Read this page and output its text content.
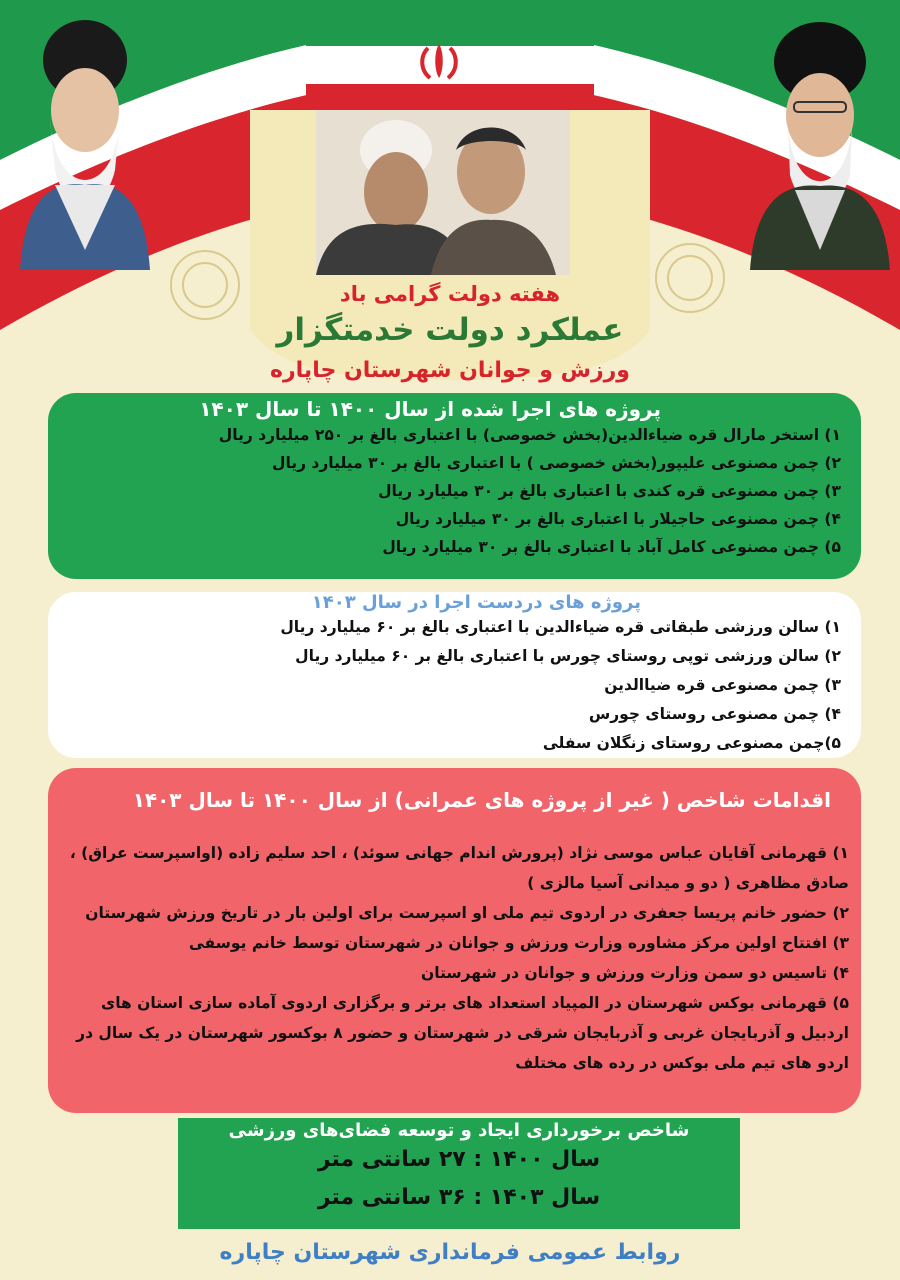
هفته دولت گرامی باد
عملکرد دولت خدمتگزار
ورزش و جوانان شهرستان چاپاره
پروژه های اجرا شده از سال ۱۴۰۰ تا سال ۱۴۰۳
۱) استخر مارال قره ضیاءالدین(بخش خصوصی) با اعتباری بالغ بر ۲۵۰ میلیارد ریال
۲) چمن مصنوعی علیپور(بخش خصوصی ) با اعتباری بالغ بر ۳۰ میلیارد ریال
۳) چمن مصنوعی قره کندی با اعتباری بالغ بر ۳۰ میلیارد ریال
۴) چمن مصنوعی حاجیلار با اعتباری بالغ بر ۳۰ میلیارد ریال
۵) چمن مصنوعی کامل آباد با اعتباری بالغ بر ۳۰ میلیارد ریال
پروژه های دردست اجرا در سال ۱۴۰۳
۱) سالن ورزشی طبقاتی قره ضیاءالدین با اعتباری بالغ بر ۶۰ میلیارد ریال
۲) سالن ورزشی توپی روستای چورس با اعتباری بالغ بر ۶۰ میلیارد ریال
۳) چمن مصنوعی قره ضیاالدین
۴) چمن مصنوعی روستای چورس
۵)چمن مصنوعی روستای زنگلان سفلی
اقدامات شاخص ( غیر از پروژه های عمرانی) از سال ۱۴۰۰ تا سال ۱۴۰۳
۱) قهرمانی آقایان عباس موسی نژاد (پرورش اندام جهانی سوئد) ، احد سلیم زاده (اواسپرست عراق) ، صادق مظاهری ( دو و میدانی آسیا مالزی )
۲) حضور خانم پریسا جعفری در اردوی تیم ملی او اسپرست برای اولین بار در تاریخ ورزش شهرستان
۳) افتتاح اولین مرکز مشاوره وزارت ورزش و جوانان در شهرستان توسط خانم یوسفی
۴) تاسیس دو سمن وزارت ورزش و جوانان در شهرستان
۵) قهرمانی بوکس شهرستان در المپیاد استعداد های برتر و برگزاری اردوی آماده سازی استان های اردبیل و آذربایجان غربی و آذربایجان شرقی در شهرستان و حضور ۸ بوکسور شهرستان در یک سال در اردو های تیم ملی بوکس در رده های مختلف
شاخص برخورداری ایجاد و توسعه فضای‌های ورزشی
سال ۱۴۰۰ : ۲۷ سانتی متر
سال ۱۴۰۳ : ۳۶ سانتی متر
روابط عمومی فرمانداری شهرستان چاپاره
